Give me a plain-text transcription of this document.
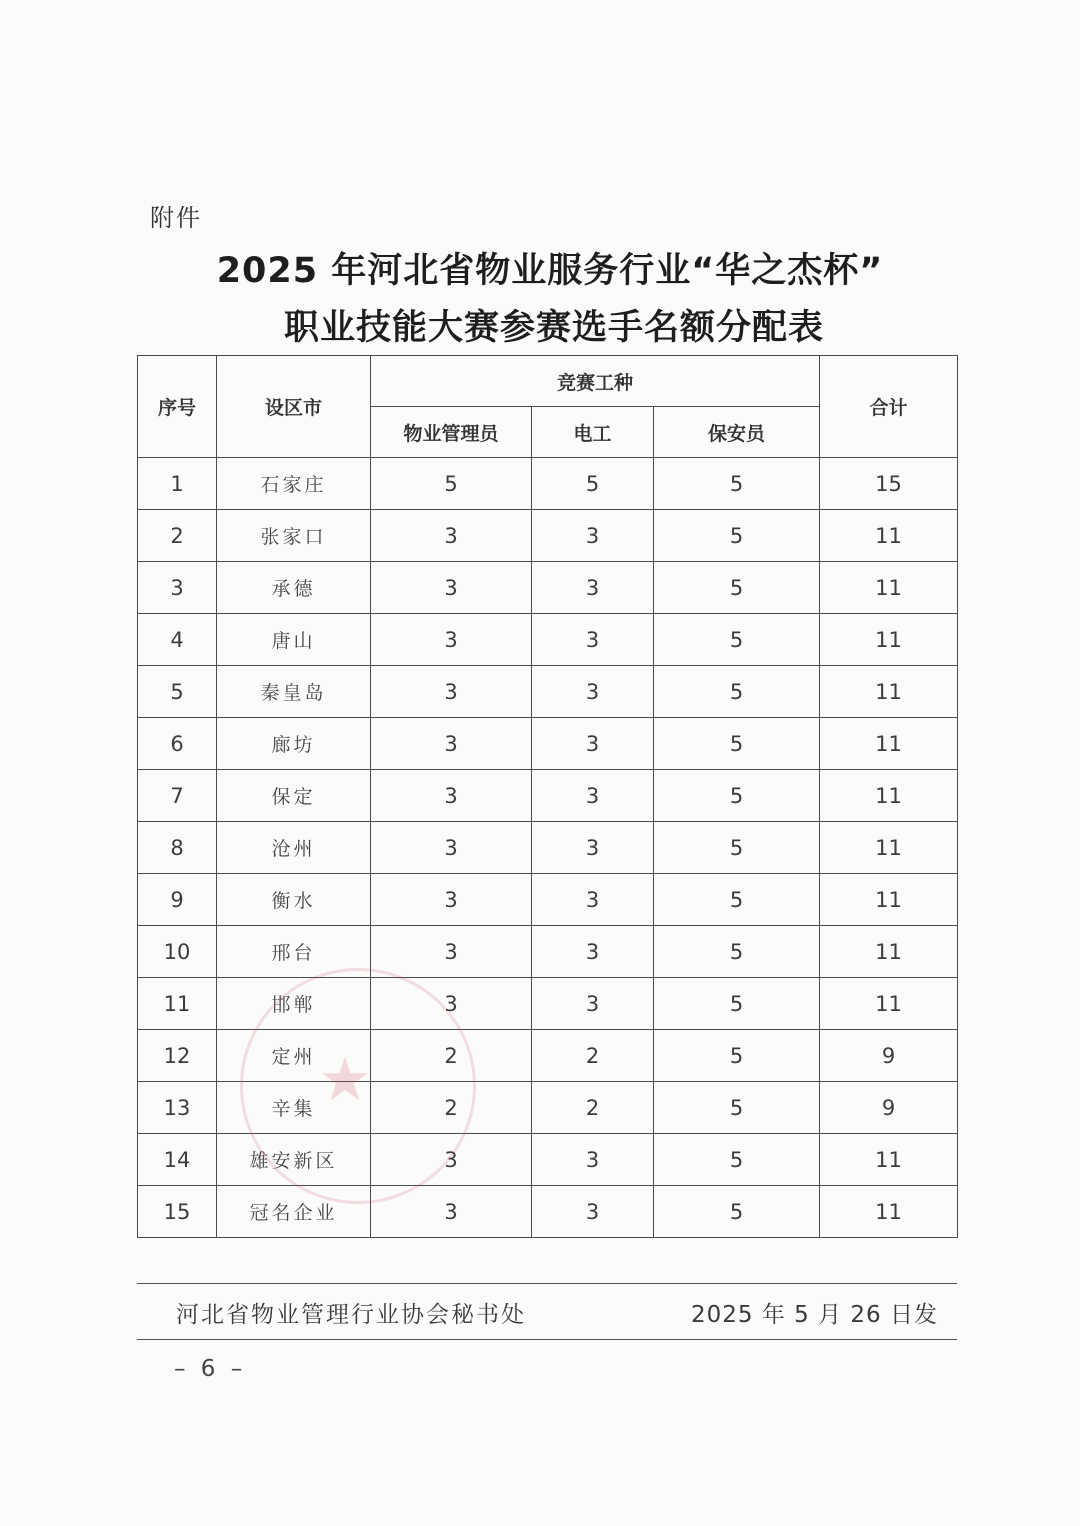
附件
2025 年河北省物业服务行业“华之杰杯”
职业技能大赛参赛选手名额分配表
序号	设区市	竞赛工种			合计
		物业管理员	电工	保安员	
1	石家庄	5	5	5	15
2	张家口	3	3	5	11
3	承德	3	3	5	11
4	唐山	3	3	5	11
5	秦皇岛	3	3	5	11
6	廊坊	3	3	5	11
7	保定	3	3	5	11
8	沧州	3	3	5	11
9	衡水	3	3	5	11
10	邢台	3	3	5	11
11	邯郸	3	3	5	11
12	定州	2	2	5	9
13	辛集	2	2	5	9
14	雄安新区	3	3	5	11
15	冠名企业	3	3	5	11
★
河北省物业管理行业协会秘书处	2025 年 5 月 26 日发
– 6 –
